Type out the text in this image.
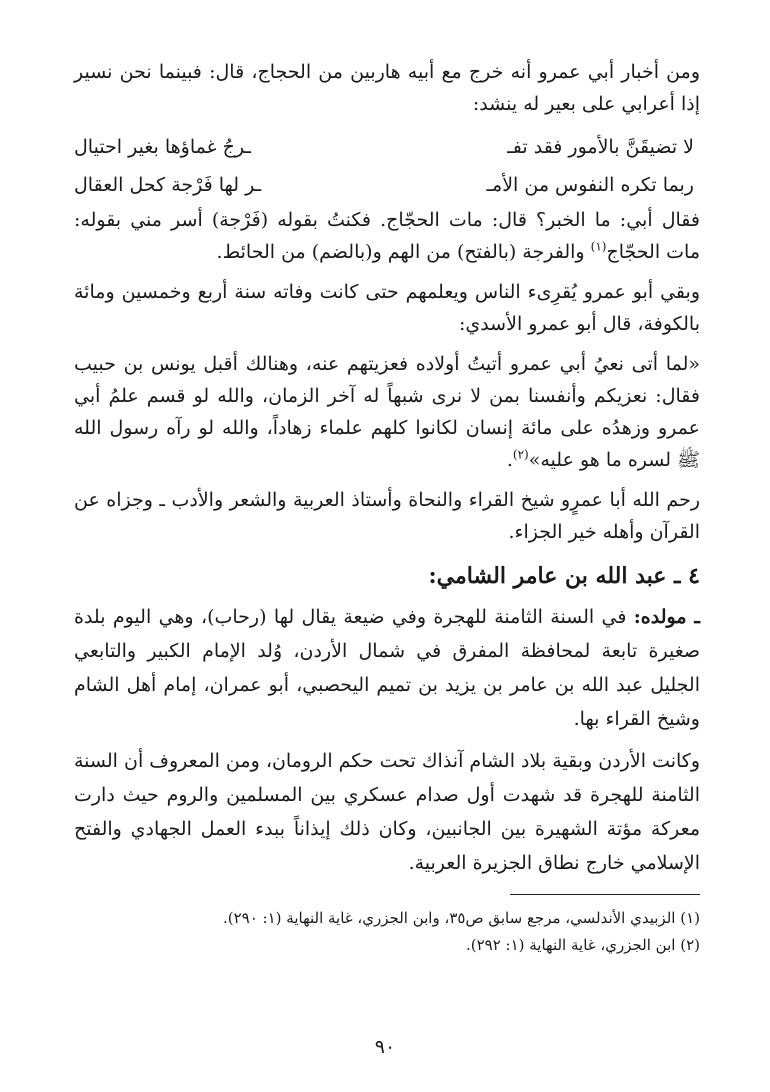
ومن أخبار أبي عمرو أنه خرج مع أبيه هاربين من الحجاج، قال: فبينما نحن نسير إذا أعرابي على بعير له ينشد:

لا تضيقَنَّ بالأمور فقد تفـ
ـرجُ غماؤها بغير احتيال
ربما تكره النفوس من الأمـ
ـر لها فَرْجة كحل العقال

فقال أبي: ما الخبر؟ قال: مات الحجّاج. فكنتُ بقوله (فَرْجة) أسر مني بقوله: مات الحجّاج$^{(١)}$ والفرجة (بالفتح) من الهم و(بالضم) من الحائط.

وبقي أبو عمرو يُقرِىء الناس ويعلمهم حتى كانت وفاته سنة أربع وخمسين ومائة بالكوفة، قال أبو عمرو الأسدي:

«لما أتى نعيُ أبي عمرو أتيتُ أولاده فعزيتهم عنه، وهنالك أقبل يونس بن حبيب فقال: نعزيكم وأنفسنا بمن لا نرى شبهاً له آخر الزمان، والله لو قسم علمُ أبي عمرو وزهدُه على مائة إنسان لكانوا كلهم علماء زهاداً، والله لو رآه رسول الله ﷺ لسره ما هو عليه»$^{(٢)}$.

رحم الله أبا عمرٍو شيخ القراء والنحاة وأستاذ العربية والشعر والأدب ـ وجزاه عن القرآن وأهله خير الجزاء.

٤ ـ عبد الله بن عامر الشامي:

ـ مولده: في السنة الثامنة للهجرة وفي ضيعة يقال لها (رحاب)، وهي اليوم بلدة صغيرة تابعة لمحافظة المفرق في شمال الأردن، وُلد الإمام الكبير والتابعي الجليل عبد الله بن عامر بن يزيد بن تميم اليحصبي، أبو عمران، إمام أهل الشام وشيخ القراء بها.

وكانت الأردن وبقية بلاد الشام آنذاك تحت حكم الرومان، ومن المعروف أن السنة الثامنة للهجرة قد شهدت أول صدام عسكري بين المسلمين والروم حيث دارت معركة مؤتة الشهيرة بين الجانبين، وكان ذلك إيذاناً ببدء العمل الجهادي والفتح الإسلامي خارج نطاق الجزيرة العربية.

(١) الزبيدي الأندلسي، مرجع سابق ص٣٥، وابن الجزري، غاية النهاية (١: ٢٩٠).

(٢) ابن الجزري، غاية النهاية (١: ٢٩٢).

٩٠
